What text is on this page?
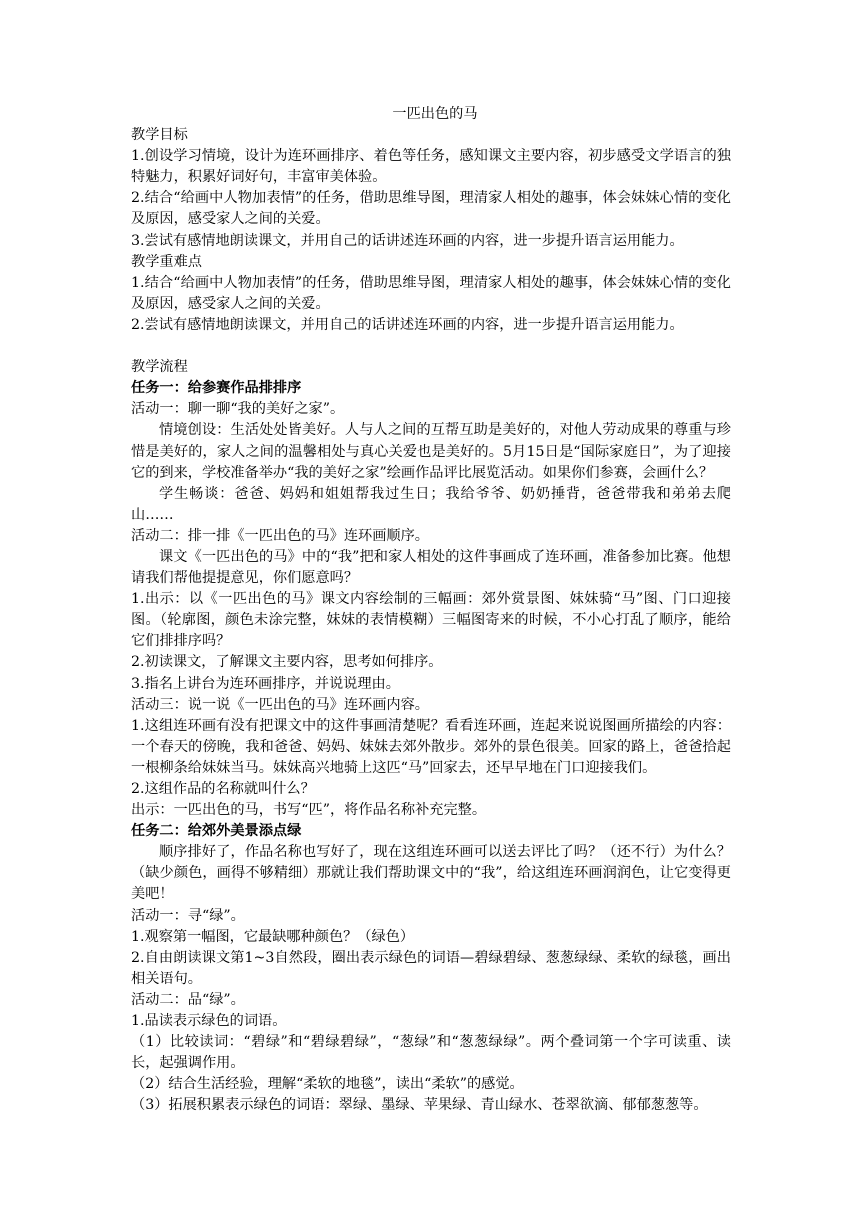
一匹出色的马

教学目标

1.创设学习情境，设计为连环画排序、着色等任务，感知课文主要内容，初步感受文学语言的独特魅力，积累好词好句，丰富审美体验。

2.结合“给画中人物加表情”的任务，借助思维导图，理清家人相处的趣事，体会妹妹心情的变化及原因，感受家人之间的关爱。

3.尝试有感情地朗读课文，并用自己的话讲述连环画的内容，进一步提升语言运用能力。

教学重难点

1.结合“给画中人物加表情”的任务，借助思维导图，理清家人相处的趣事，体会妹妹心情的变化及原因，感受家人之间的关爱。

2.尝试有感情地朗读课文，并用自己的话讲述连环画的内容，进一步提升语言运用能力。

教学流程

任务一：给参赛作品排排序

活动一：聊一聊“我的美好之家”。

情境创设：生活处处皆美好。人与人之间的互帮互助是美好的，对他人劳动成果的尊重与珍惜是美好的，家人之间的温馨相处与真心关爱也是美好的。5月15日是“国际家庭日”，为了迎接它的到来，学校准备举办“我的美好之家”绘画作品评比展览活动。如果你们参赛，会画什么？

学生畅谈：爸爸、妈妈和姐姐帮我过生日；我给爷爷、奶奶捶背，爸爸带我和弟弟去爬山……

活动二：排一排《一匹出色的马》连环画顺序。

课文《一匹出色的马》中的“我”把和家人相处的这件事画成了连环画，准备参加比赛。他想请我们帮他提提意见，你们愿意吗？

1.出示：以《一匹出色的马》课文内容绘制的三幅画：郊外赏景图、妹妹骑“马”图、门口迎接图。（轮廓图，颜色未涂完整，妹妹的表情模糊）三幅图寄来的时候，不小心打乱了顺序，能给它们排排序吗？

2.初读课文，了解课文主要内容，思考如何排序。

3.指名上讲台为连环画排序，并说说理由。

活动三：说一说《一匹出色的马》连环画内容。

1.这组连环画有没有把课文中的这件事画清楚呢？看看连环画，连起来说说图画所描绘的内容：一个春天的傍晚，我和爸爸、妈妈、妹妹去郊外散步。郊外的景色很美。回家的路上，爸爸拾起一根柳条给妹妹当马。妹妹高兴地骑上这匹“马”回家去，还早早地在门口迎接我们。

2.这组作品的名称就叫什么？

出示：一匹出色的马，书写“匹”，将作品名称补充完整。

任务二：给郊外美景添点绿

顺序排好了，作品名称也写好了，现在这组连环画可以送去评比了吗？（还不行）为什么？（缺少颜色，画得不够精细）那就让我们帮助课文中的“我”，给这组连环画润润色，让它变得更美吧！

活动一：寻“绿”。

1.观察第一幅图，它最缺哪种颜色？（绿色）

2.自由朗读课文第1~3自然段，圈出表示绿色的词语—碧绿碧绿、葱葱绿绿、柔软的绿毯，画出相关语句。

活动二：品“绿”。

1.品读表示绿色的词语。

（1）比较读词：“碧绿”和“碧绿碧绿”，“葱绿”和“葱葱绿绿”。两个叠词第一个字可读重、读长，起强调作用。

（2）结合生活经验，理解“柔软的地毯”，读出“柔软”的感觉。

（3）拓展积累表示绿色的词语：翠绿、墨绿、苹果绿、青山绿水、苍翠欲滴、郁郁葱葱等。
